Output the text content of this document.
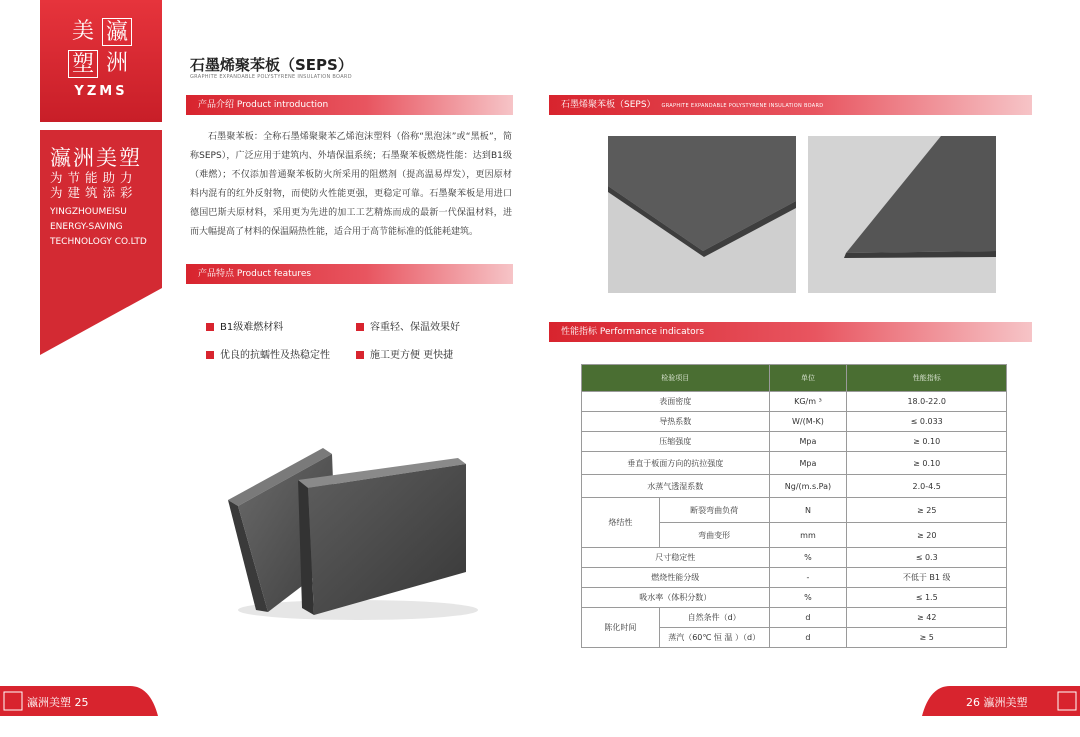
美 瀛
塑 洲
YZMS
瀛洲美塑
为节能助力
为建筑添彩
YINGZHOUMEISU
ENERGY-SAVING
TECHNOLOGY CO.LTD
石墨烯聚苯板（SEPS）
GRAPHITE EXPANDABLE POLYSTYRENE INSULATION BOARD
产品介绍 Product introduction
石墨聚苯板：全称石墨烯聚聚苯乙烯泡沫塑料（俗称“黑泡沫”或“黑板”，简称SEPS），广泛应用于建筑内、外墙保温系统；石墨聚苯板燃烧性能：达到B1级（难燃）；不仅添加普通聚苯板防火所采用的阻燃剂（提高温易焊发），更因原材料内混有的红外反射物，而使防火性能更强，更稳定可靠。石墨聚苯板是用进口德国巴斯夫原材料，采用更为先进的加工工艺精炼而成的最新一代保温材料，进而大幅提高了材料的保温隔热性能，适合用于高节能标准的低能耗建筑。
产品特点 Product features
B1级难燃材料	容重轻、保温效果好
优良的抗蠕性及热稳定性	施工更方便 更快捷
石墨烯聚苯板（SEPS） GRAPHITE EXPANDABLE POLYSTYRENE INSULATION BOARD
性能指标 Performance indicators
检验项目		单位	性能指标
表面密度		KG/m ³	18.0-22.0
导热系数		W/(M-K)	≤ 0.033
压缩强度		Mpa	≥ 0.10
垂直于板面方向的抗拉强度		Mpa	≥ 0.10
水蒸气透湿系数		Ng/(m.s.Pa)	2.0-4.5
烙结性	断裂弯曲负荷	N	≥ 25
	弯曲变形	mm	≥ 20
尺寸稳定性		%	≤ 0.3
燃烧性能分级		-	不低于 B1 级
吸水率（体积分数）		%	≤ 1.5
陈化时间	自然条件（d）	d	≥ 42
	蒸汽（60℃ 恒 温 ）（d）	d	≥ 5
瀛洲美塑 25	26 瀛洲美塑
